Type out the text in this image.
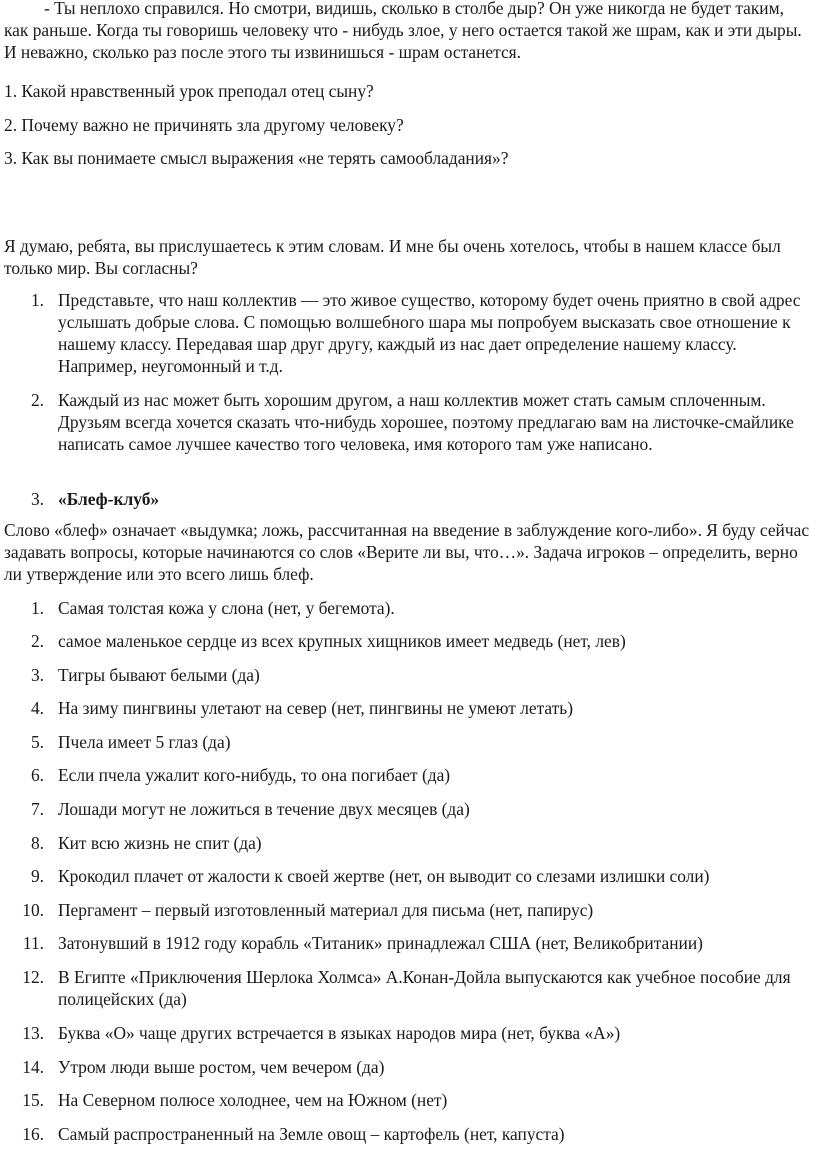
- Ты неплохо справился. Но смотри, видишь, сколько в столбе дыр? Он уже никогда не будет таким, как раньше. Когда ты говоришь человеку что - нибудь злое, у него остается такой же шрам, как и эти дыры. И неважно, сколько раз после этого ты извинишься - шрам останется.

1. Какой нравственный урок преподал отец сыну?

2. Почему важно не причинять зла другому человеку?

3. Как вы понимаете смысл выражения «не терять самообладания»?

Я думаю, ребята, вы прислушаетесь к этим словам. И мне бы очень хотелось, чтобы в нашем классе был только мир. Вы согласны?

1. Представьте, что наш коллектив — это живое существо, которому будет очень приятно в свой адрес услышать добрые слова. С помощью волшебного шара мы попробуем высказать свое отношение к нашему классу. Передавая шар друг другу, каждый из нас дает определение нашему классу. Например, неугомонный и т.д.

2. Каждый из нас может быть хорошим другом, а наш коллектив может стать самым сплоченным. Друзьям всегда хочется сказать что-нибудь хорошее, поэтому предлагаю вам на листочке-смайлике написать самое лучшее качество того человека, имя которого там уже написано.

3. «Блеф-клуб»

Слово «блеф» означает «выдумка; ложь, рассчитанная на введение в заблуждение кого-либо». Я буду сейчас задавать вопросы, которые начинаются со слов «Верите ли вы, что…». Задача игроков – определить, верно ли утверждение или это всего лишь блеф.

1. Самая толстая кожа у слона (нет, у бегемота).

2. самое маленькое сердце из всех крупных хищников имеет медведь (нет, лев)

3. Тигры бывают белыми (да)

4. На зиму пингвины улетают на север (нет, пингвины не умеют летать)

5. Пчела имеет 5 глаз (да)

6. Если пчела ужалит кого-нибудь, то она погибает (да)

7. Лошади могут не ложиться в течение двух месяцев (да)

8. Кит всю жизнь не спит (да)

9. Крокодил плачет от жалости к своей жертве (нет, он выводит со слезами излишки соли)

10. Пергамент – первый изготовленный материал для письма (нет, папирус)

11. Затонувший в 1912 году корабль «Титаник» принадлежал США (нет, Великобритании)

12. В Египте «Приключения Шерлока Холмса» А.Конан-Дойла выпускаются как учебное пособие для полицейских (да)

13. Буква «О» чаще других встречается в языках народов мира (нет, буква «А»)

14. Утром люди выше ростом, чем вечером (да)

15. На Северном полюсе холоднее, чем на Южном (нет)

16. Самый распространенный на Земле овощ – картофель (нет, капуста)
